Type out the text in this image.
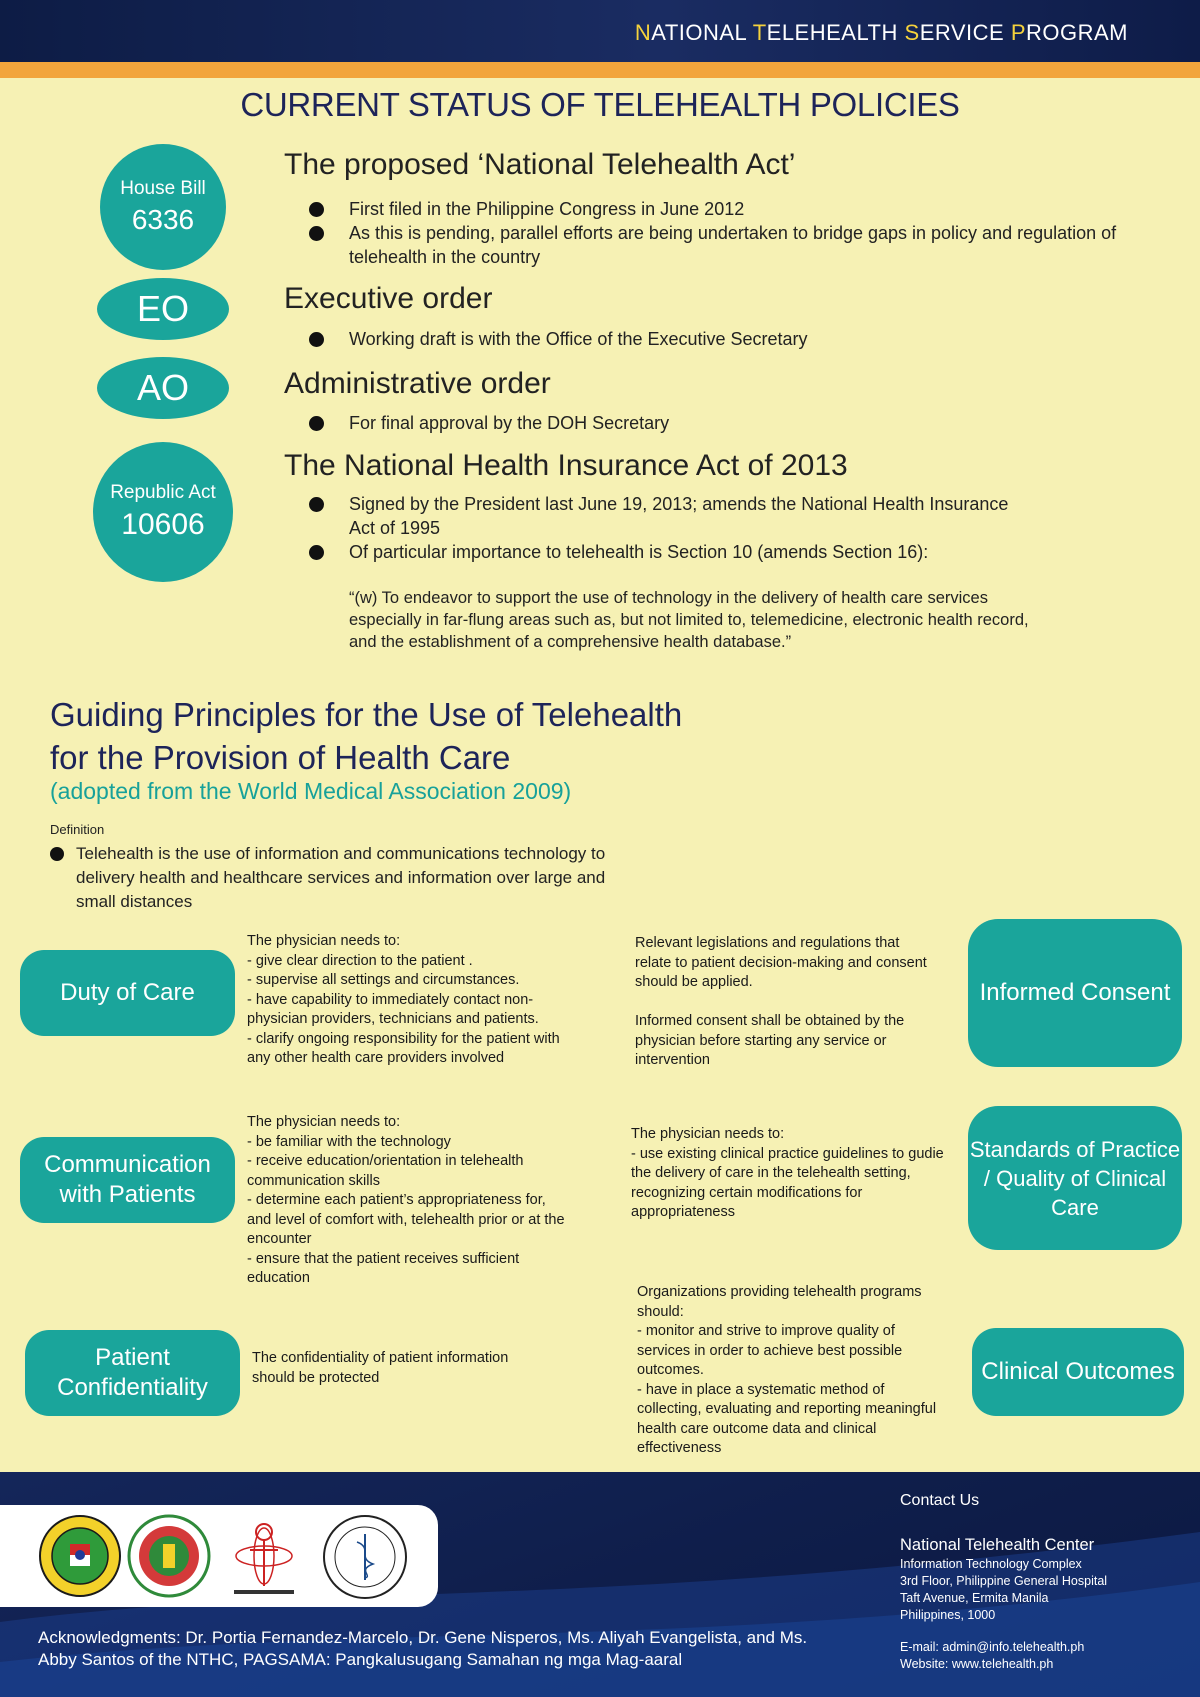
NATIONAL TELEHEALTH SERVICE PROGRAM
CURRENT STATUS OF TELEHEALTH POLICIES
House Bill
6336
The proposed ‘National Telehealth Act’
First filed in the Philippine Congress in June 2012
As this is pending, parallel efforts are being undertaken to bridge gaps in policy and regulation of telehealth in the country
EO	Executive order
Working draft is with the Office of the Executive Secretary
AO	Administrative order
For final approval by the DOH Secretary
Republic Act
10606
The National Health Insurance Act of 2013
Signed by the President last June 19, 2013; amends the National Health Insurance Act of 1995
Of particular importance to telehealth is Section 10 (amends Section 16):
“(w) To endeavor to support the use of technology in the delivery of health care services especially in far-flung areas such as, but not limited to, telemedicine, electronic health record, and the establishment of a comprehensive health database.”
Guiding Principles for the Use of Telehealth
for the Provision of Health Care
(adopted from the World Medical Association 2009)
Definition
Telehealth is the use of information and communications technology to delivery health and healthcare services and information over large and small distances
Duty of Care
The physician needs to:
- give clear direction to the patient .
- supervise all settings and circumstances.
- have capability to immediately contact non-physician providers, technicians and patients.
- clarify ongoing responsibility for the patient with any other health care providers involved
Communication with Patients
The physician needs to:
- be familiar with the technology
- receive education/orientation in telehealth communication skills
- determine each patient’s appropriateness for, and level of comfort with, telehealth prior or at the encounter
- ensure that the patient receives sufficient education
Patient Confidentiality
The confidentiality of patient information should be protected
Informed Consent
Relevant legislations and regulations that relate to patient decision-making and consent should be applied.

Informed consent shall be obtained by the physician before starting any service or intervention
Standards of Practice / Quality of Clinical Care
The physician needs to:
- use existing clinical practice guidelines to gudie the delivery of care in the telehealth setting, recognizing certain modifications for appropriateness
Clinical Outcomes
Organizations providing telehealth programs should:
- monitor and strive to improve quality of services in order to achieve best possible outcomes.
- have in place a systematic method of collecting, evaluating and reporting meaningful health care outcome data and clinical effectiveness
Acknowledgments: Dr. Portia Fernandez-Marcelo, Dr. Gene Nisperos, Ms. Aliyah Evangelista, and Ms. Abby Santos of the NTHC, PAGSAMA: Pangkalusugang Samahan ng mga Mag-aaral
Contact Us
National Telehealth Center
Information Technology Complex
3rd Floor, Philippine General Hospital
Taft Avenue, Ermita Manila
Philippines, 1000
E-mail: admin@info.telehealth.ph
Website: www.telehealth.ph
